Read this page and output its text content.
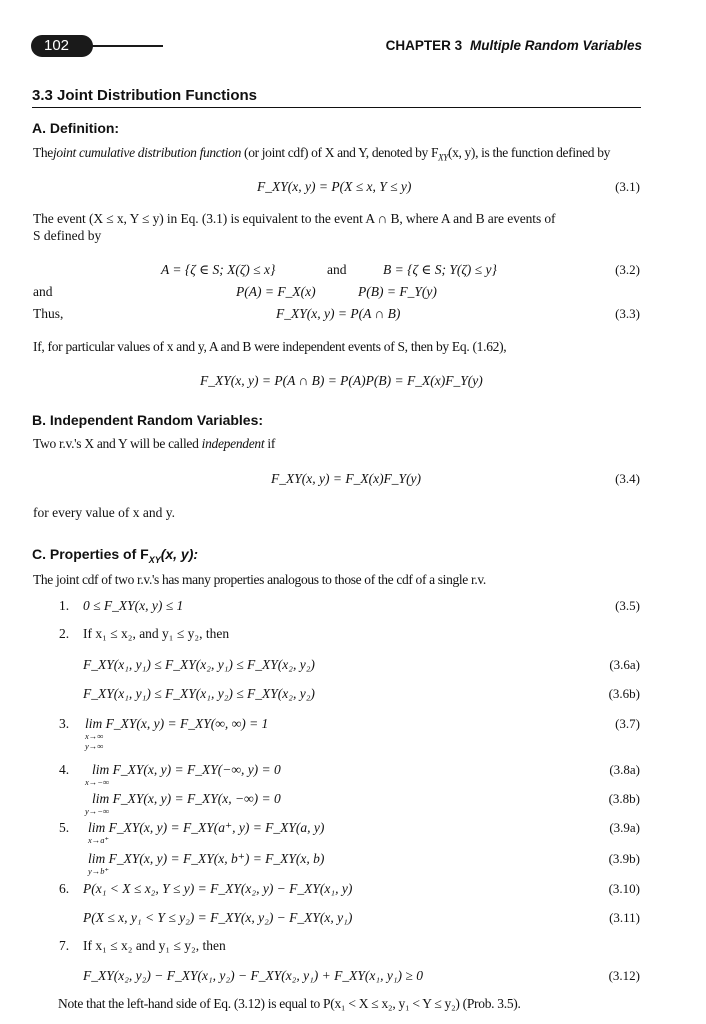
102	CHAPTER 3 Multiple Random Variables
3.3 Joint Distribution Functions
A. Definition:
Thejoint cumulative distribution function (or joint cdf) of X and Y, denoted by $F_{XY}(x$, y), is the function defined by
F_XY(x, y) = P(X ≤ x, Y ≤ y)	(3.1)
The event (X ≤ x, Y ≤ y) in Eq. (3.1) is equivalent to the event A ∩ B, where A and B are events of
S defined by
A = {ζ ∈ S; X(ζ) ≤ x}	and	B = {ζ ∈ S; Y(ζ) ≤ y}	(3.2)
and	P(A) = F_X(x)	P(B) = F_Y(y)
Thus,	F_XY(x, y) = P(A ∩ B)	(3.3)
If, for particular values of x and y, A and B were independent events of S, then by Eq. (1.62),
F_XY(x, y) = P(A ∩ B) = P(A)P(B) = F_X(x)F_Y(y)
B. Independent Random Variables:
Two r.v.'s X and Y will be called independent if
F_XY(x, y) = F_X(x)F_Y(y)	(3.4)
for every value of x and y.
C. Properties of $F_{XY}(x$, y):
The joint cdf of two r.v.'s has many properties analogous to those of the cdf of a single r.v.
1. 0 ≤ F_XY(x, y) ≤ 1	(3.5)
2. If x₁ ≤ x₂, and y₁ ≤ y₂, then
F_XY(x₁, y₁) ≤ F_XY(x₂, y₁) ≤ F_XY(x₂, y₂)	(3.6a)
F_XY(x₁, y₁) ≤ F_XY(x₁, y₂) ≤ F_XY(x₂, y₂)	(3.6b)
3. lim F_XY(x, y) = F_XY(∞, ∞) = 1
x→∞
y→∞
(3.7)
4. lim F_XY(x, y) = F_XY(−∞, y) = 0
x→−∞
(3.8a)
lim F_XY(x, y) = F_XY(x, −∞) = 0
y→−∞
(3.8b)
5. lim F_XY(x, y) = F_XY(a⁺, y) = F_XY(a, y)
x→a⁺
(3.9a)
lim F_XY(x, y) = F_XY(x, b⁺) = F_XY(x, b)
y→b⁺
(3.9b)
6. P(x₁ < X ≤ x₂, Y ≤ y) = F_XY(x₂, y) − F_XY(x₁, y)	(3.10)
P(X ≤ x, y₁ < Y ≤ y₂) = F_XY(x, y₂) − F_XY(x, y₁)	(3.11)
7. If x₁ ≤ x₂ and y₁ ≤ y₂, then
F_XY(x₂, y₂) − F_XY(x₁, y₂) − F_XY(x₂, y₁) + F_XY(x₁, y₁) ≥ 0	(3.12)
Note that the left-hand side of Eq. (3.12) is equal to P(x₁ < X ≤ x₂, y₁ < Y ≤ y₂) (Prob. 3.5).
